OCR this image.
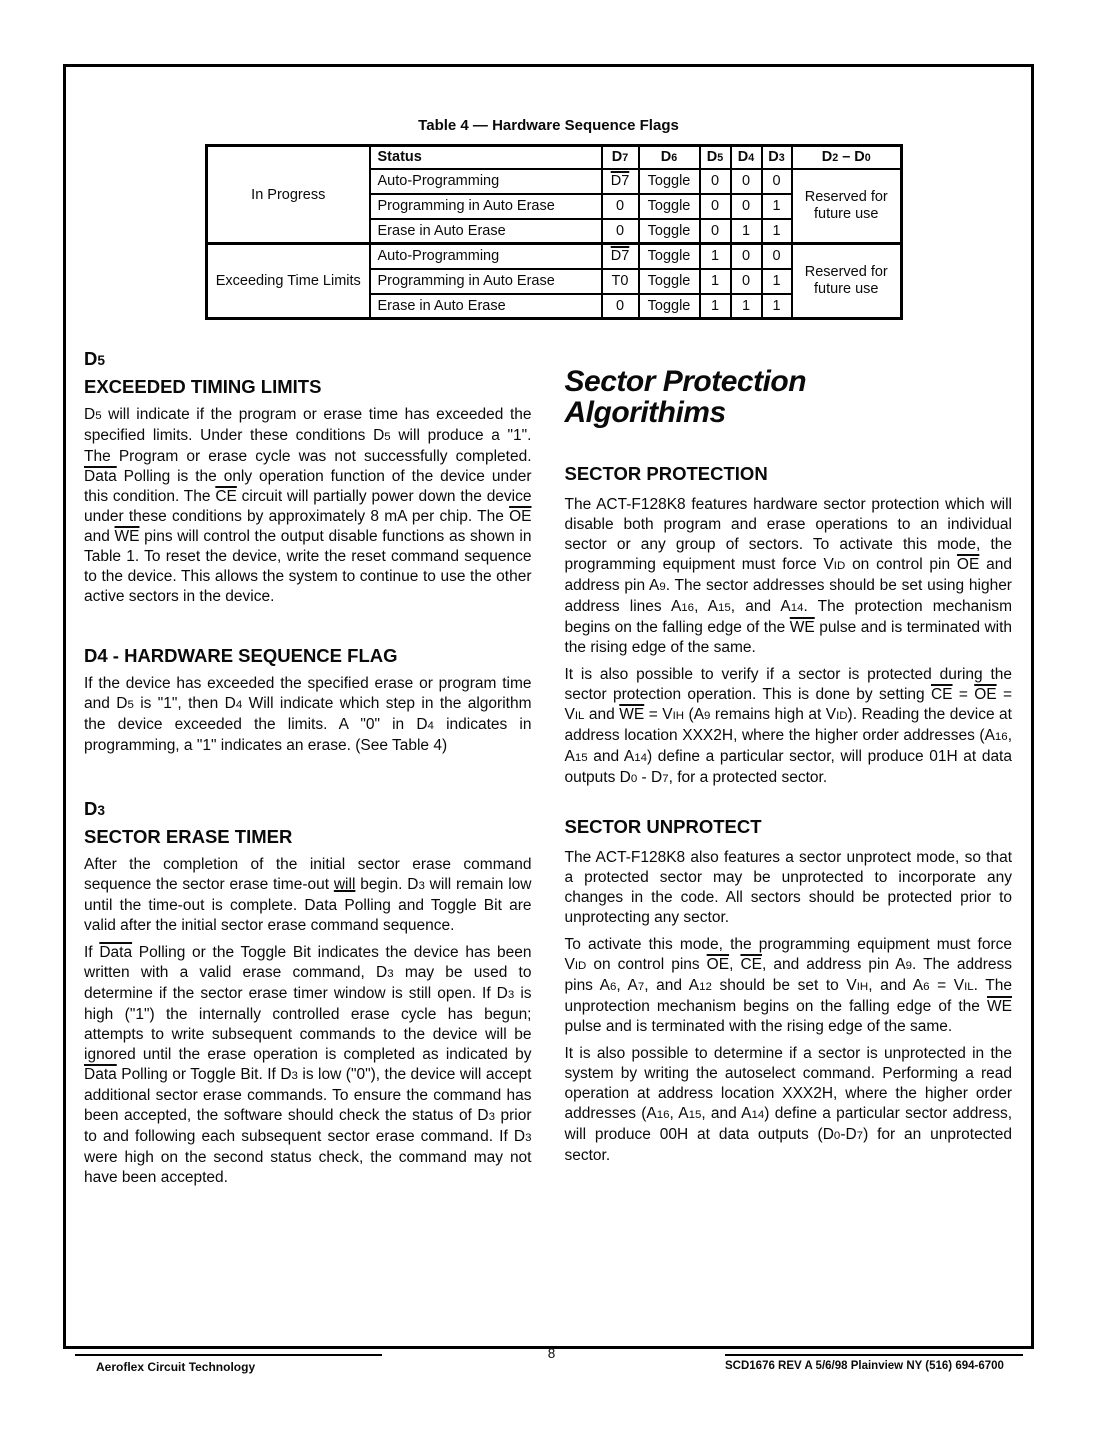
Table 4 — Hardware Sequence Flags
In Progress	Status	D7	D6	D5	D4	D3	D2 – D0
	Auto-Programming	D7	Toggle	0	0	0	Reserved for future use
	Programming in Auto Erase	0	Toggle	0	0	1	
	Erase in Auto Erase	0	Toggle	0	1	1	
Exceeding Time Limits	Auto-Programming	D7	Toggle	1	0	0	Reserved for future use
	Programming in Auto Erase	T0	Toggle	1	0	1	
	Erase in Auto Erase	0	Toggle	1	1	1	
D5
EXCEEDED TIMING LIMITS

D5 will indicate if the program or erase time has exceeded the specified limits. Under these conditions D5 will produce a "1". The Program or erase cycle was not successfully completed. Data Polling is the only operation function of the device under this condition. The $\overline{CE}$ circuit will partially power down the device under these conditions by approximately 8 mA per chip. The $\overline{OE}$ and $\overline{WE}$ pins will control the output disable functions as shown in Table 1. To reset the device, write the reset command sequence to the device. This allows the system to continue to use the other active sectors in the device.

D4 - HARDWARE SEQUENCE FLAG

If the device has exceeded the specified erase or program time and D5 is "1", then D4 Will indicate which step in the algorithm the device exceeded the limits. A "0" in D4 indicates in programming, a "1" indicates an erase. (See Table 4)

D3
SECTOR ERASE TIMER

After the completion of the initial sector erase command sequence the sector erase time-out will begin. D3 will remain low until the time-out is complete. Data Polling and Toggle Bit are valid after the initial sector erase command sequence.

If Data Polling or the Toggle Bit indicates the device has been written with a valid erase command, D3 may be used to determine if the sector erase timer window is still open. If D3 is high ("1") the internally controlled erase cycle has begun; attempts to write subsequent commands to the device will be ignored until the erase operation is completed as indicated by Data Polling or Toggle Bit. If D3 is low ("0"), the device will accept additional sector erase commands. To ensure the command has been accepted, the software should check the status of D3 prior to and following each subsequent sector erase command. If D3 were high on the second status check, the command may not have been accepted.

Sector Protection Algorithims
SECTOR PROTECTION

The ACT-F128K8 features hardware sector protection which will disable both program and erase operations to an individual sector or any group of sectors. To activate this mode, the programming equipment must force VID on control pin $\overline{OE}$ and address pin A9. The sector addresses should be set using higher address lines A16, A15, and A14. The protection mechanism begins on the falling edge of the $\overline{WE}$ pulse and is terminated with the rising edge of the same.

It is also possible to verify if a sector is protected during the sector protection operation. This is done by setting $\overline{CE} = \overline{OE}$ = VIL and $\overline{WE}$ = VIH (A9 remains high at VID). Reading the device at address location XXX2H, where the higher order addresses (A16, A15 and A14) define a particular sector, will produce 01H at data outputs D0 - D7, for a protected sector.

SECTOR UNPROTECT

The ACT-F128K8 also features a sector unprotect mode, so that a protected sector may be unprotected to incorporate any changes in the code. All sectors should be protected prior to unprotecting any sector.

To activate this mode, the programming equipment must force VID on control pins $\overline{OE}$, $\overline{CE}$, and address pin A9. The address pins A6, A7, and A12 should be set to VIH, and A6 = VIL. The unprotection mechanism begins on the falling edge of the $\overline{WE}$ pulse and is terminated with the rising edge of the same.

It is also possible to determine if a sector is unprotected in the system by writing the autoselect command. Performing a read operation at address location XXX2H, where the higher order addresses (A16, A15, and A14) define a particular sector address, will produce 00H at data outputs (D0-D7) for an unprotected sector.

8
Aeroflex Circuit Technology	SCD1676 REV A 5/6/98 Plainview NY (516) 694-6700
